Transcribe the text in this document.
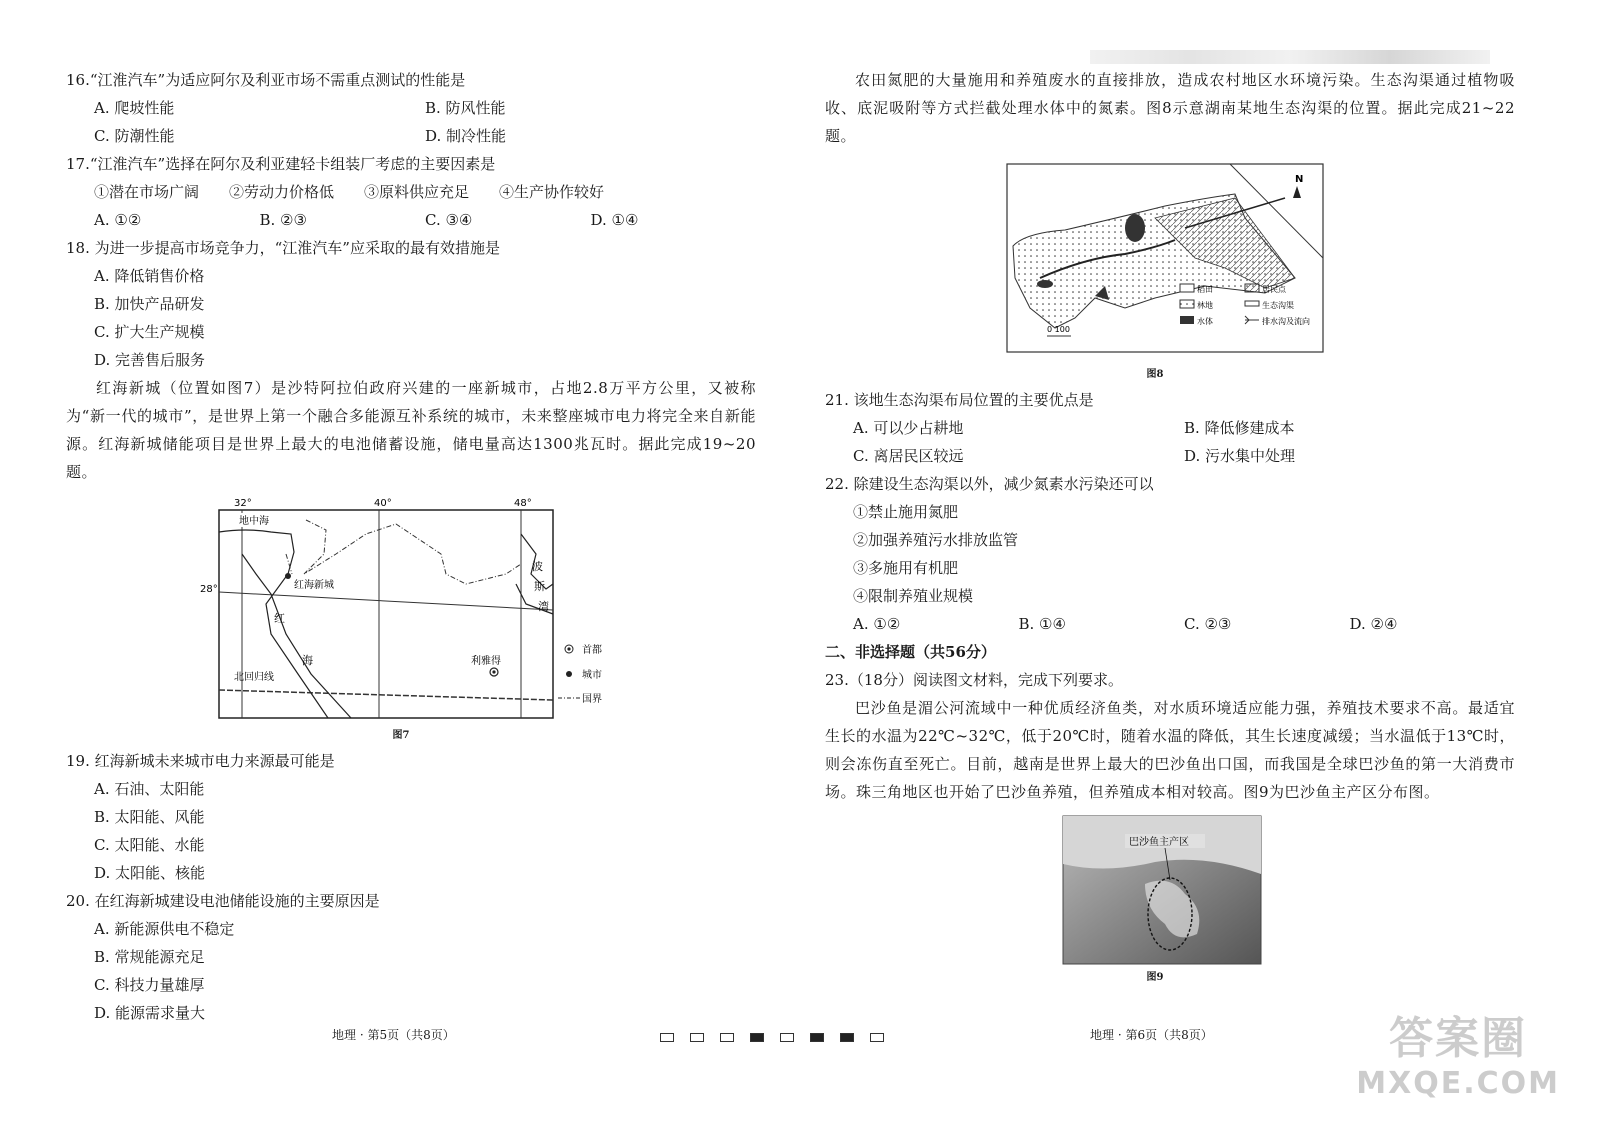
16.“江淮汽车”为适应阿尔及利亚市场不需重点测试的性能是

A. 爬坡性能	B. 防风性能
C. 防潮性能	D. 制冷性能

17.“江淮汽车”选择在阿尔及利亚建轻卡组装厂考虑的主要因素是

①潜在市场广阔　　②劳动力价格低　　③原料供应充足　　④生产协作较好

A. ①②	B. ②③	C. ③④	D. ①④

18. 为进一步提高市场竞争力，“江淮汽车”应采取的最有效措施是

A. 降低销售价格
B. 加快产品研发
C. 扩大生产规模
D. 完善售后服务

红海新城（位置如图7）是沙特阿拉伯政府兴建的一座新城市，占地2.8万平方公里，又被称为“新一代的城市”，是世界上第一个融合多能源互补系统的城市，未来整座城市电力将完全来自新能源。红海新城储能项目是世界上最大的电池储蓄设施，储电量高达1300兆瓦时。据此完成19~20题。

32°	40°	48°
28°
地中海
红海新城
红
海
波
斯
湾
北回归线
利雅得
首都
城市
国界
图7

19. 红海新城未来城市电力来源最可能是

A. 石油、太阳能
B. 太阳能、风能
C. 太阳能、水能
D. 太阳能、核能

20. 在红海新城建设电池储能设施的主要原因是

A. 新能源供电不稳定
B. 常规能源充足
C. 科技力量雄厚
D. 能源需求量大

农田氮肥的大量施用和养殖废水的直接排放，造成农村地区水环境污染。生态沟渠通过植物吸收、底泥吸附等方式拦截处理水体中的氮素。图8示意湖南某地生态沟渠的位置。据此完成21~22题。

N
稻田	居民点
林地	生态沟渠
水体	排水沟及流向
0 100
图8

21. 该地生态沟渠布局位置的主要优点是

A. 可以少占耕地	B. 降低修建成本
C. 离居民区较远	D. 污水集中处理

22. 除建设生态沟渠以外，减少氮素水污染还可以

①禁止施用氮肥
②加强养殖污水排放监管
③多施用有机肥
④限制养殖业规模
A. ①②	B. ①④	C. ②③	D. ②④
二、非选择题（共56分）

23.（18分）阅读图文材料，完成下列要求。

巴沙鱼是湄公河流域中一种优质经济鱼类，对水质环境适应能力强，养殖技术要求不高。最适宜生长的水温为22℃~32℃，低于20℃时，随着水温的降低，其生长速度减缓；当水温低于13℃时，则会冻伤直至死亡。目前，越南是世界上最大的巴沙鱼出口国，而我国是全球巴沙鱼的第一大消费市场。珠三角地区也开始了巴沙鱼养殖，但养殖成本相对较高。图9为巴沙鱼主产区分布图。

巴沙鱼主产区
图9
地理 · 第5页（共8页）	地理 · 第6页（共8页）	答案圈
MXQE.COM
